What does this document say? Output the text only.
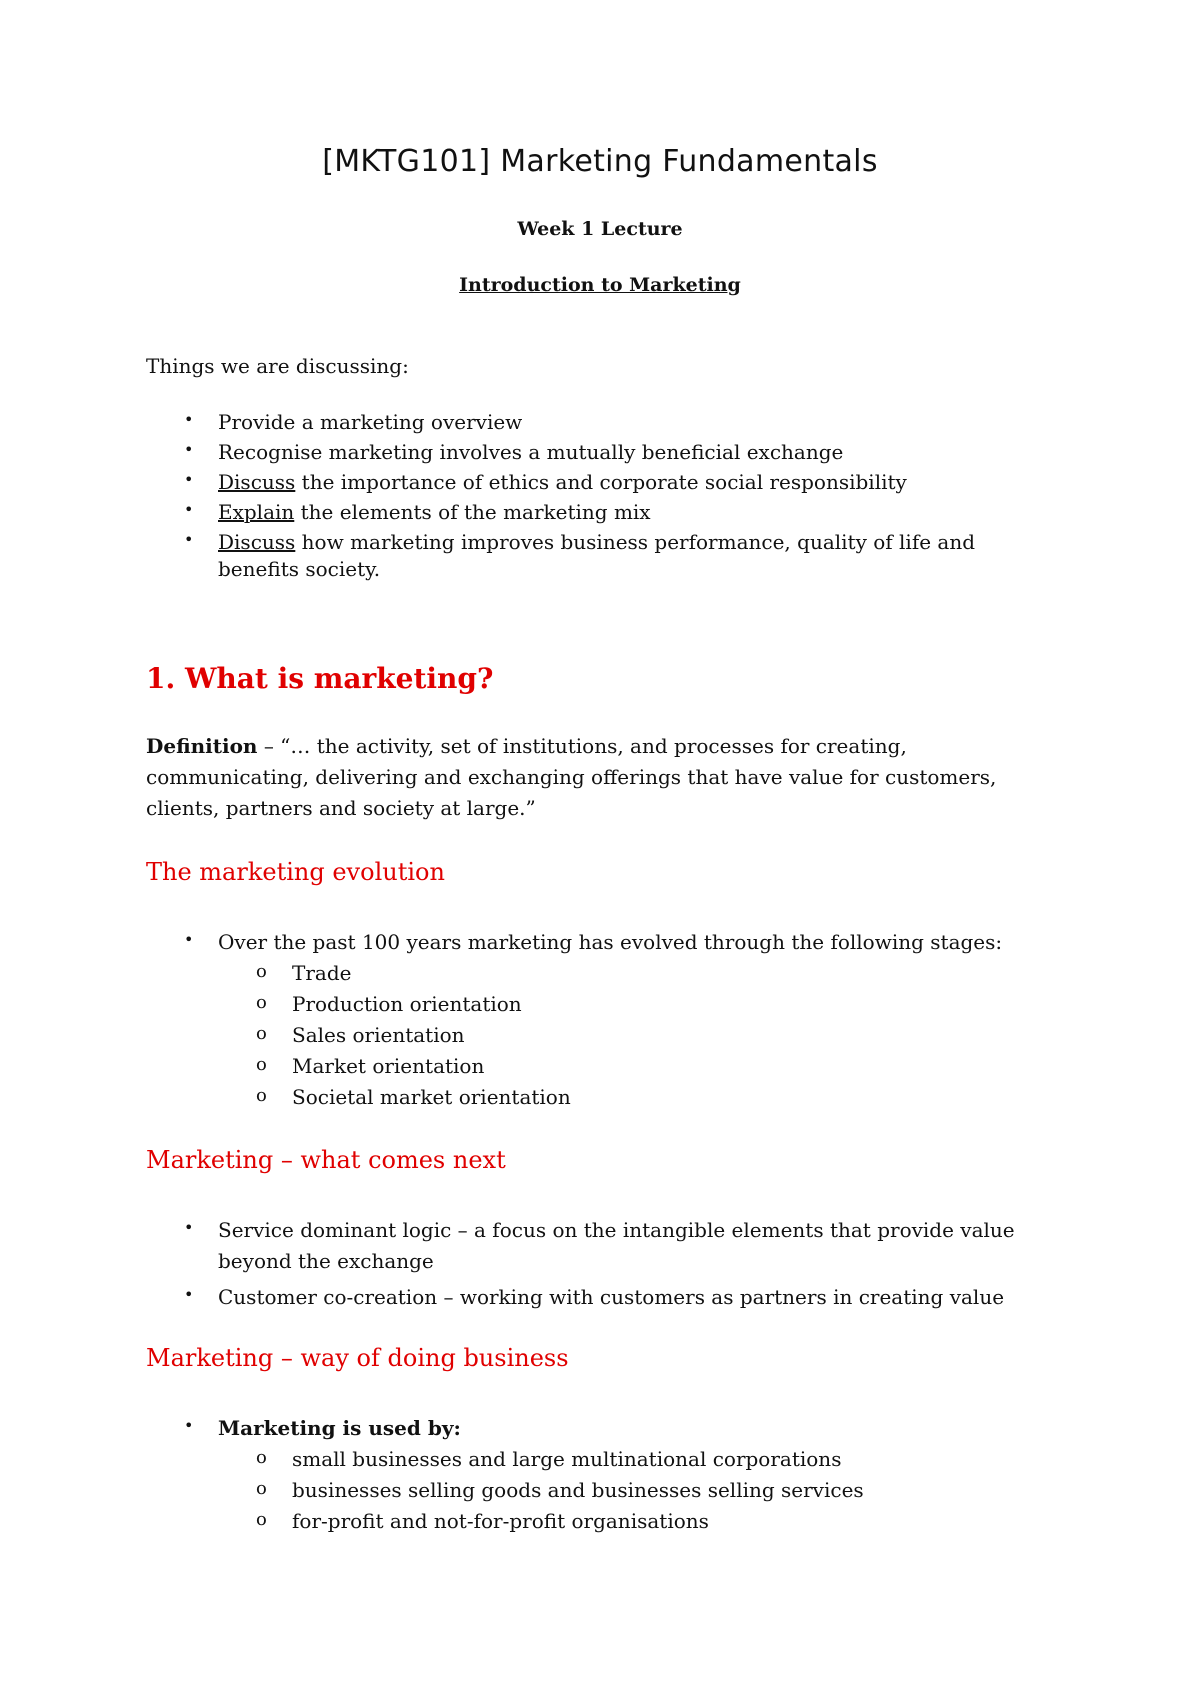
[MKTG101] Marketing Fundamentals
Week 1 Lecture
Introduction to Marketing
Things we are discussing:
• Provide a marketing overview
• Recognise marketing involves a mutually beneficial exchange
• Discuss the importance of ethics and corporate social responsibility
• Explain the elements of the marketing mix
• Discuss how marketing improves business performance, quality of life and
benefits society.
1. What is marketing?
Definition – “… the activity, set of institutions, and processes for creating,
communicating, delivering and exchanging offerings that have value for customers,
clients, partners and society at large.”
The marketing evolution
• Over the past 100 years marketing has evolved through the following stages:
o Trade
o Production orientation
o Sales orientation
o Market orientation
o Societal market orientation
Marketing – what comes next
• Service dominant logic – a focus on the intangible elements that provide value
beyond the exchange
• Customer co-creation – working with customers as partners in creating value
Marketing – way of doing business
• Marketing is used by:
o small businesses and large multinational corporations
o businesses selling goods and businesses selling services
o for-profit and not-for-profit organisations
